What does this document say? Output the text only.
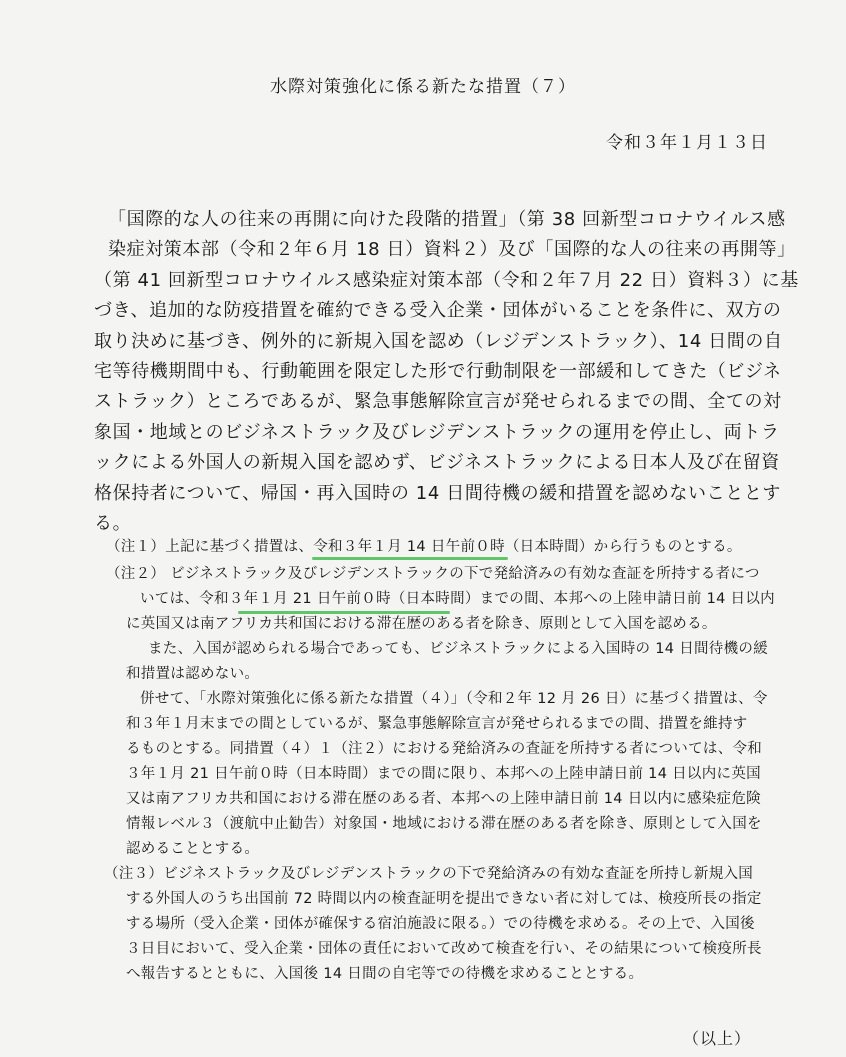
水際対策強化に係る新たな措置（７）
令和３年１月１３日

「国際的な人の往来の再開に向けた段階的措置」（第 38 回新型コロナウイルス感
染症対策本部（令和２年６月 18 日）資料２）及び「国際的な人の往来の再開等」
（第 41 回新型コロナウイルス感染症対策本部（令和２年７月 22 日）資料３）に基
づき、追加的な防疫措置を確約できる受入企業・団体がいることを条件に、双方の
取り決めに基づき、例外的に新規入国を認め（レジデンストラック）、14 日間の自
宅等待機期間中も、行動範囲を限定した形で行動制限を一部緩和してきた（ビジネ
ストラック）ところであるが、緊急事態解除宣言が発せられるまでの間、全ての対
象国・地域とのビジネストラック及びレジデンストラックの運用を停止し、両トラ
ックによる外国人の新規入国を認めず、ビジネストラックによる日本人及び在留資
格保持者について、帰国・再入国時の 14 日間待機の緩和措置を認めないこととす
る。

（注１）上記に基づく措置は、令和３年１月 14 日午前０時（日本時間）から行うものとする。
（注２） ビジネストラック及びレジデンストラックの下で発給済みの有効な査証を所持する者につ
いては、令和３年１月 21 日午前０時（日本時間）までの間、本邦への上陸申請日前 14 日以内
に英国又は南アフリカ共和国における滞在歴のある者を除き、原則として入国を認める。
また、入国が認められる場合であっても、ビジネストラックによる入国時の 14 日間待機の緩
和措置は認めない。
併せて、「水際対策強化に係る新たな措置（４）」（令和２年 12 月 26 日）に基づく措置は、令
和３年１月末までの間としているが、緊急事態解除宣言が発せられるまでの間、措置を維持す
るものとする。同措置（４）１（注２）における発給済みの査証を所持する者については、令和
３年１月 21 日午前０時（日本時間）までの間に限り、本邦への上陸申請日前 14 日以内に英国
又は南アフリカ共和国における滞在歴のある者、本邦への上陸申請日前 14 日以内に感染症危険
情報レベル３（渡航中止勧告）対象国・地域における滞在歴のある者を除き、原則として入国を
認めることとする。
（注３）ビジネストラック及びレジデンストラックの下で発給済みの有効な査証を所持し新規入国
する外国人のうち出国前 72 時間以内の検査証明を提出できない者に対しては、検疫所長の指定
する場所（受入企業・団体が確保する宿泊施設に限る。）での待機を求める。その上で、入国後
３日目において、受入企業・団体の責任において改めて検査を行い、その結果について検疫所長
へ報告するとともに、入国後 14 日間の自宅等での待機を求めることとする。
（以上）
